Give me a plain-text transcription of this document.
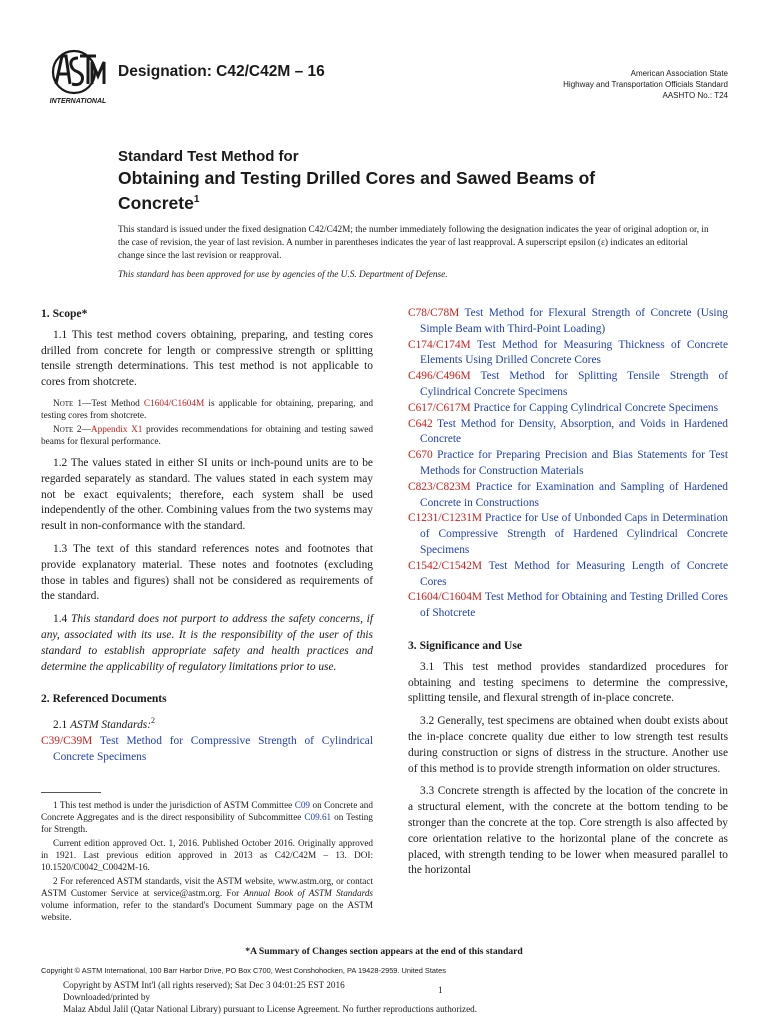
INTERNATIONAL
Designation: C42/C42M – 16	American Association State
Highway and Transportation Officials Standard
AASHTO No.: T24
Standard Test Method for
Obtaining and Testing Drilled Cores and Sawed Beams of Concrete$^1$

This standard is issued under the fixed designation C42/C42M; the number immediately following the designation indicates the year of original adoption or, in the case of revision, the year of last revision. A number in parentheses indicates the year of last reapproval. A superscript epsilon (ε) indicates an editorial change since the last revision or reapproval.

This standard has been approved for use by agencies of the U.S. Department of Defense.

1. Scope*

1.1 This test method covers obtaining, preparing, and testing cores drilled from concrete for length or compressive strength or splitting tensile strength determinations. This test method is not applicable to cores from shotcrete.

Note 1—Test Method C1604/C1604M is applicable for obtaining, preparing, and testing cores from shotcrete.

Note 2—Appendix X1 provides recommendations for obtaining and testing sawed beams for flexural performance.

1.2 The values stated in either SI units or inch-pound units are to be regarded separately as standard. The values stated in each system may not be exact equivalents; therefore, each system shall be used independently of the other. Combining values from the two systems may result in non-conformance with the standard.

1.3 The text of this standard references notes and footnotes that provide explanatory material. These notes and footnotes (excluding those in tables and figures) shall not be considered as requirements of the standard.

1.4 This standard does not purport to address the safety concerns, if any, associated with its use. It is the responsibility of the user of this standard to establish appropriate safety and health practices and determine the applicability of regulatory limitations prior to use.

2. Referenced Documents

2.1 ASTM Standards:$^2$

C39/C39M Test Method for Compressive Strength of Cylindrical Concrete Specimens

1 This test method is under the jurisdiction of ASTM Committee C09 on Concrete and Concrete Aggregates and is the direct responsibility of Subcommittee C09.61 on Testing for Strength.

Current edition approved Oct. 1, 2016. Published October 2016. Originally approved in 1921. Last previous edition approved in 2013 as C42/C42M – 13. DOI: 10.1520/C0042_C0042M-16.

2 For referenced ASTM standards, visit the ASTM website, www.astm.org, or contact ASTM Customer Service at service@astm.org. For Annual Book of ASTM Standards volume information, refer to the standard's Document Summary page on the ASTM website.

C78/C78M Test Method for Flexural Strength of Concrete (Using Simple Beam with Third-Point Loading)
C174/C174M Test Method for Measuring Thickness of Concrete Elements Using Drilled Concrete Cores
C496/C496M Test Method for Splitting Tensile Strength of Cylindrical Concrete Specimens
C617/C617M Practice for Capping Cylindrical Concrete Specimens
C642 Test Method for Density, Absorption, and Voids in Hardened Concrete
C670 Practice for Preparing Precision and Bias Statements for Test Methods for Construction Materials
C823/C823M Practice for Examination and Sampling of Hardened Concrete in Constructions
C1231/C1231M Practice for Use of Unbonded Caps in Determination of Compressive Strength of Hardened Cylindrical Concrete Specimens
C1542/C1542M Test Method for Measuring Length of Concrete Cores
C1604/C1604M Test Method for Obtaining and Testing Drilled Cores of Shotcrete
3. Significance and Use

3.1 This test method provides standardized procedures for obtaining and testing specimens to determine the compressive, splitting tensile, and flexural strength of in-place concrete.

3.2 Generally, test specimens are obtained when doubt exists about the in-place concrete quality due either to low strength test results during construction or signs of distress in the structure. Another use of this method is to provide strength information on older structures.

3.3 Concrete strength is affected by the location of the concrete in a structural element, with the concrete at the bottom tending to be stronger than the concrete at the top. Core strength is also affected by core orientation relative to the horizontal plane of the concrete as placed, with strength tending to be lower when measured parallel to the horizontal

*A Summary of Changes section appears at the end of this standard
Copyright © ASTM International, 100 Barr Harbor Drive, PO Box C700, West Conshohocken, PA 19428-2959. United States
Copyright by ASTM Int'l (all rights reserved); Sat Dec 3 04:01:25 EST 2016
Downloaded/printed by
Malaz Abdul Jalil (Qatar National Library) pursuant to License Agreement. No further reproductions authorized.
1
